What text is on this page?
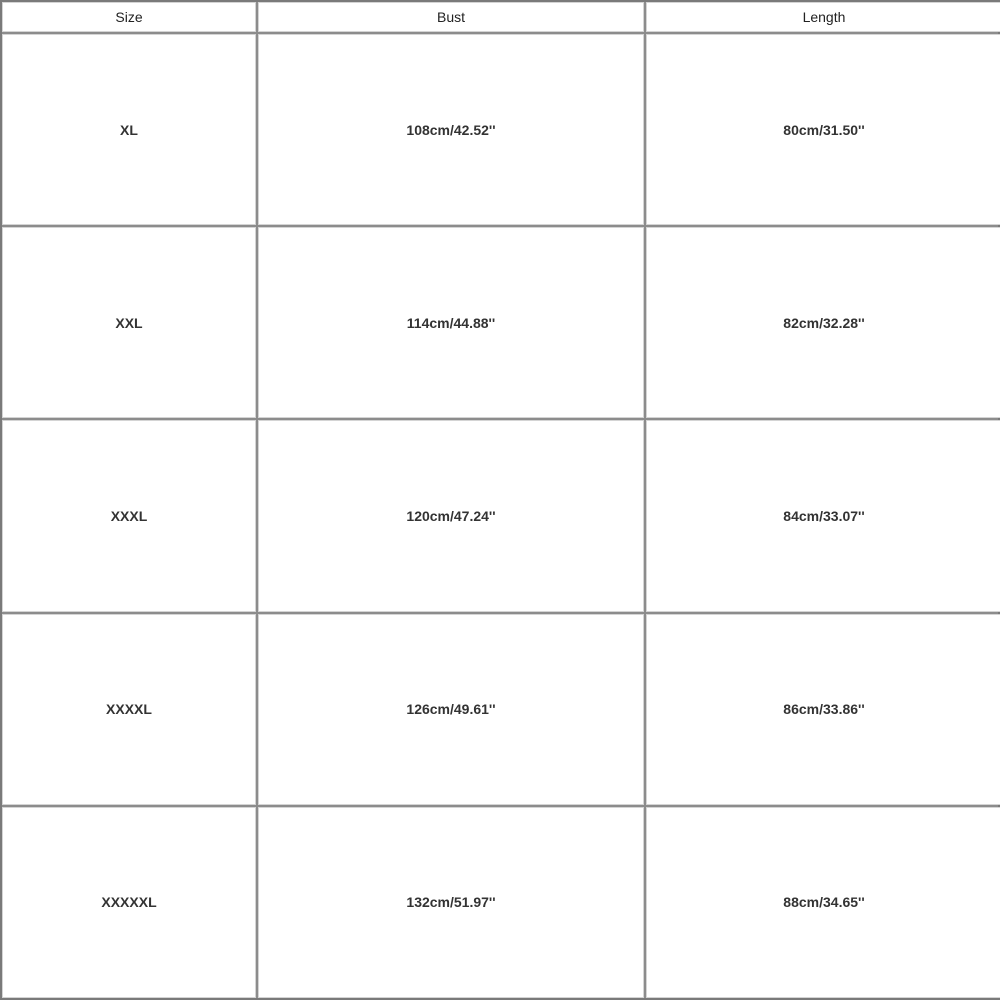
Size	Bust	Length
XL	108cm/42.52''	80cm/31.50''
XXL	114cm/44.88''	82cm/32.28''
XXXL	120cm/47.24''	84cm/33.07''
XXXXL	126cm/49.61''	86cm/33.86''
XXXXXL	132cm/51.97''	88cm/34.65''
